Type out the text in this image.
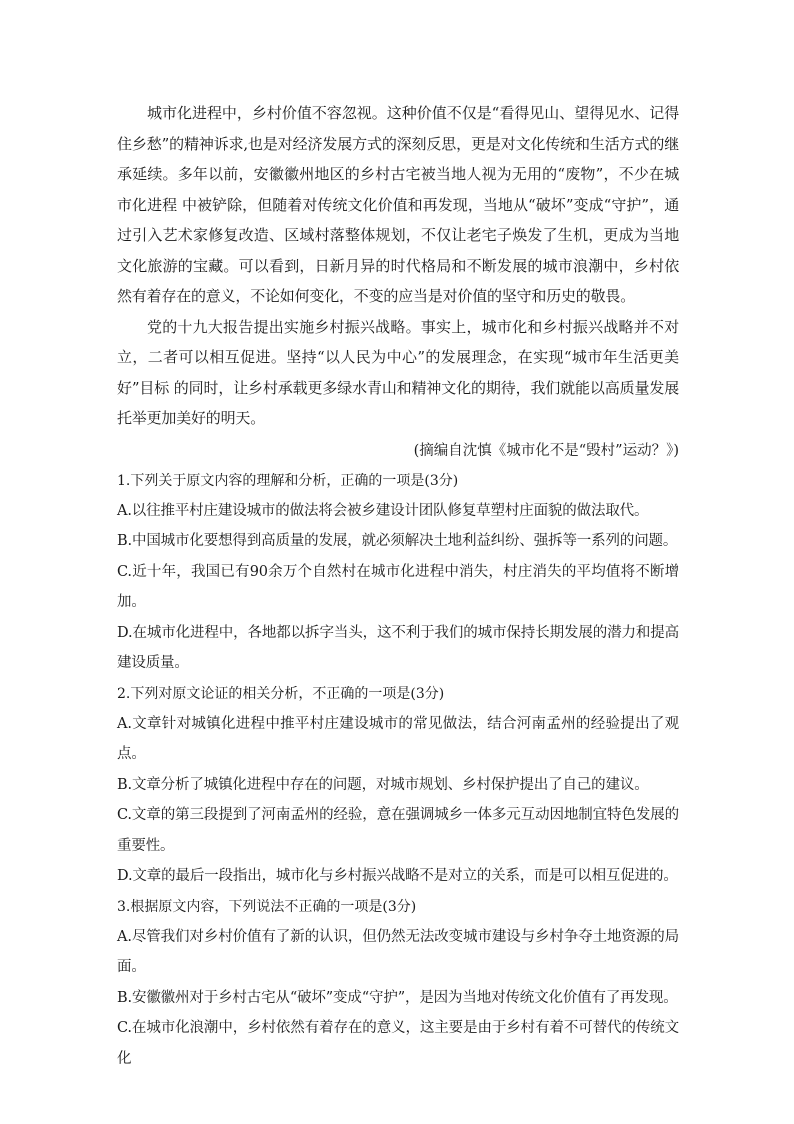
城市化进程中，乡村价值不容忽视。这种价值不仅是“看得见山、望得见水、记得住乡愁”的精神诉求,也是对经济发展方式的深刻反思，更是对文化传统和生活方式的继承延续。多年以前，安徽徽州地区的乡村古宅被当地人视为无用的“废物”，不少在城市化进程 中被铲除，但随着对传统文化价值和再发现，当地从“破坏”变成“守护”，通过引入艺术家修复改造、区域村落整体规划，不仅让老宅子焕发了生机，更成为当地文化旅游的宝藏。可以看到，日新月异的时代格局和不断发展的城市浪潮中，乡村依然有着存在的意义，不论如何变化，不变的应当是对价值的坚守和历史的敬畏。

党的十九大报告提出实施乡村振兴战略。事实上，城市化和乡村振兴战略并不对立，二者可以相互促进。坚持“以人民为中心”的发展理念，在实现“城市年生活更美好”目标 的同时，让乡村承载更多绿水青山和精神文化的期待，我们就能以高质量发展托举更加美好的明天。

(摘编自沈慎《城市化不是“毁村”运动？》)

1.下列关于原文内容的理解和分析，正确的一项是(3分)

A.以往推平村庄建设城市的做法将会被乡建设计团队修复草塑村庄面貌的做法取代。

B.中国城市化要想得到高质量的发展，就必须解决土地利益纠纷、强拆等一系列的问题。

C.近十年，我国已有90余万个自然村在城市化进程中消失，村庄消失的平均值将不断增加。

D.在城市化进程中，各地都以拆字当头，这不利于我们的城市保持长期发展的潜力和提高建设质量。

2.下列对原文论证的相关分析，不正确的一项是(3分)

A.文章针对城镇化进程中推平村庄建设城市的常见做法，结合河南孟州的经验提出了观点。

B.文章分析了城镇化进程中存在的问题，对城市规划、乡村保护提出了自己的建议。

C.文章的第三段提到了河南孟州的经验，意在强调城乡一体多元互动因地制宜特色发展的重要性。

D.文章的最后一段指出，城市化与乡村振兴战略不是对立的关系，而是可以相互促进的。

3.根据原文内容，下列说法不正确的一项是(3分)

A.尽管我们对乡村价值有了新的认识，但仍然无法改变城市建设与乡村争夺土地资源的局面。

B.安徽徽州对于乡村古宅从“破坏”变成“守护”，是因为当地对传统文化价值有了再发现。

C.在城市化浪潮中，乡村依然有着存在的意义，这主要是由于乡村有着不可替代的传统文化
